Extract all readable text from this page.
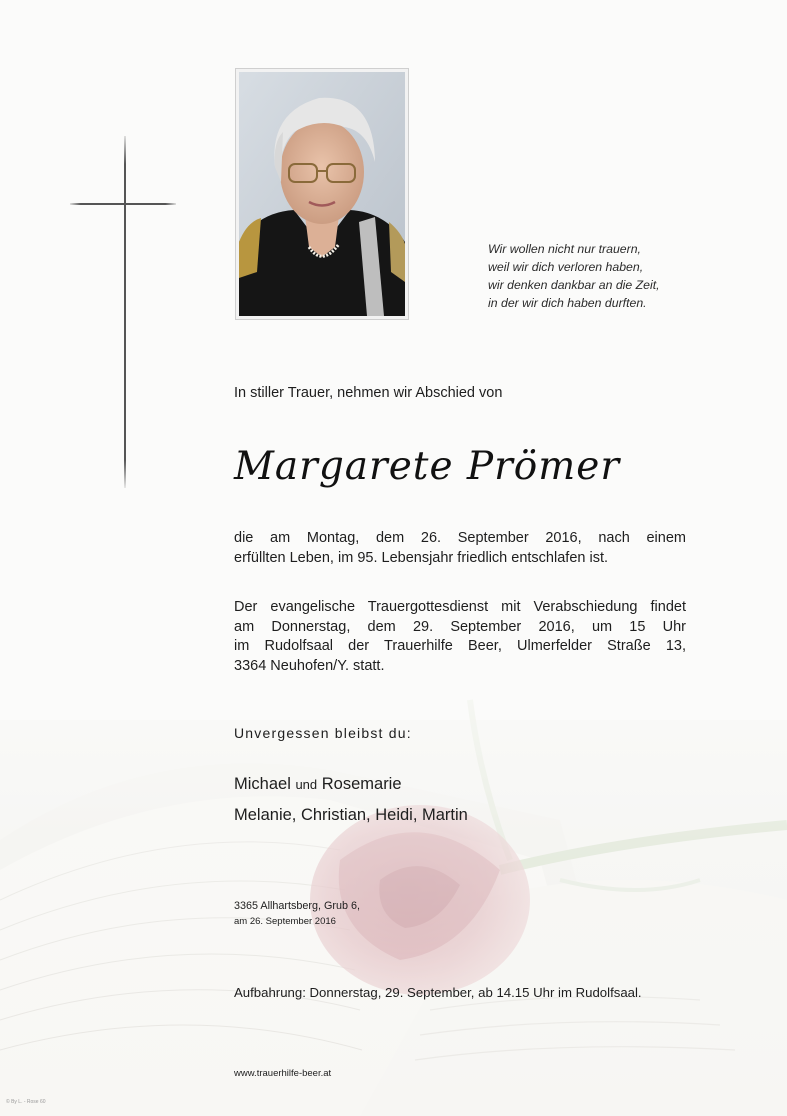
Wir wollen nicht nur trauern,
weil wir dich verloren haben,
wir denken dankbar an die Zeit,
in der wir dich haben durften.

In stiller Trauer, nehmen wir Abschied von
Margarete Prömer

die am Montag, dem 26. September 2016, nach einem
erfüllten Leben, im 95. Lebensjahr friedlich entschlafen ist.

Der evangelische Trauergottesdienst mit Verabschiedung findet
am Donnerstag, dem 29. September 2016, um 15 Uhr
im Rudolfsaal der Trauerhilfe Beer, Ulmerfelder Straße 13,
3364 Neuhofen/Y. statt.

Unvergessen bleibst du:
Michael und Rosemarie
Melanie, Christian, Heidi, Martin
3365 Allhartsberg, Grub 6,
am 26. September 2016
Aufbahrung: Donnerstag, 29. September, ab 14.15 Uhr im Rudolfsaal.
www.trauerhilfe-beer.at
© By L. - Rose 60
